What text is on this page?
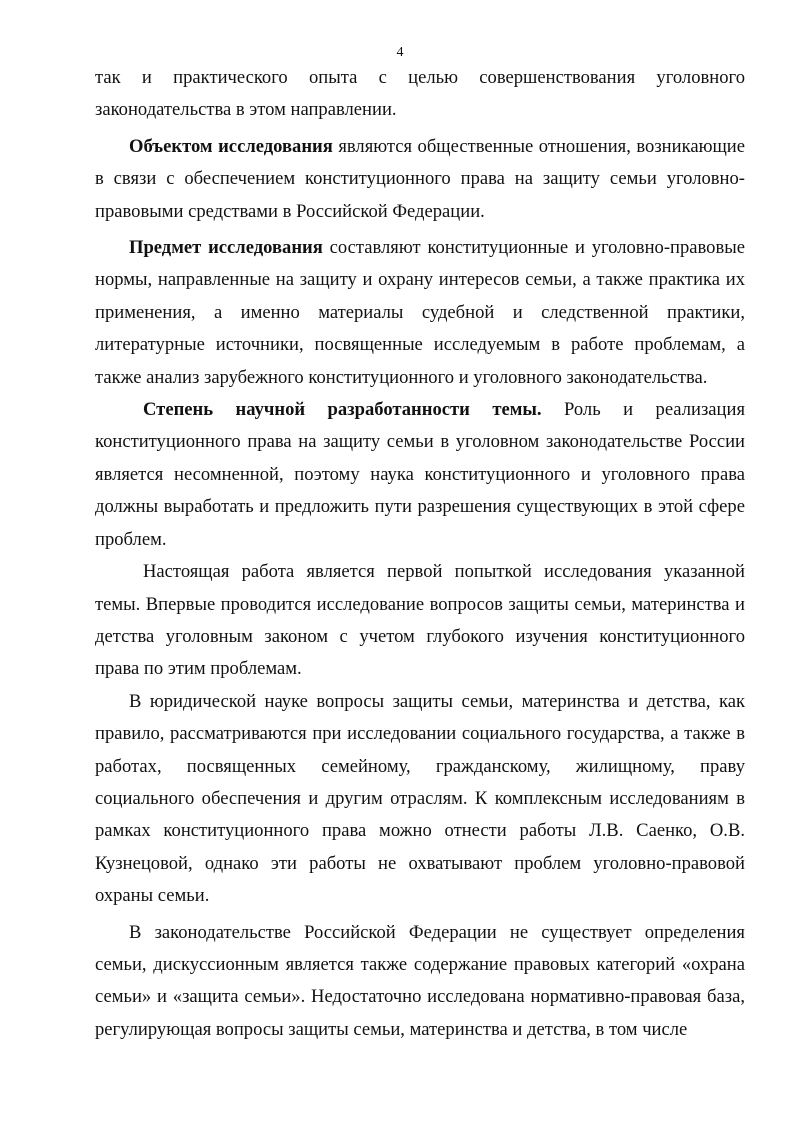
4

так и практического опыта с целью совершенствования уголовного законодательства в этом направлении.

Объектом исследования являются общественные отношения, возникающие в связи с обеспечением конституционного права на защиту семьи уголовно-правовыми средствами в Российской Федерации.

Предмет исследования составляют конституционные и уголовно-правовые нормы, направленные на защиту и охрану интересов семьи, а также практика их применения, а именно материалы судебной и следственной практики, литературные источники, посвященные исследуемым в работе проблемам, а также анализ зарубежного конституционного и уголовного законодательства.

Степень научной разработанности темы. Роль и реализация конституционного права на защиту семьи в уголовном законодательстве России является несомненной, поэтому наука конституционного и уголовного права должны выработать и предложить пути разрешения существующих в этой сфере проблем.

Настоящая работа является первой попыткой исследования указанной темы. Впервые проводится исследование вопросов защиты семьи, материнства и детства уголовным законом с учетом глубокого изучения конституционного права по этим проблемам.

В юридической науке вопросы защиты семьи, материнства и детства, как правило, рассматриваются при исследовании социального государства, а также в работах, посвященных семейному, гражданскому, жилищному, праву социального обеспечения и другим отраслям. К комплексным исследованиям в рамках конституционного права можно отнести работы Л.В. Саенко, О.В. Кузнецовой, однако эти работы не охватывают проблем уголовно-правовой охраны семьи.

В законодательстве Российской Федерации не существует определения семьи, дискуссионным является также содержание правовых категорий «охрана семьи» и «защита семьи». Недостаточно исследована нормативно-правовая база, регулирующая вопросы защиты семьи, материнства и детства, в том числе
